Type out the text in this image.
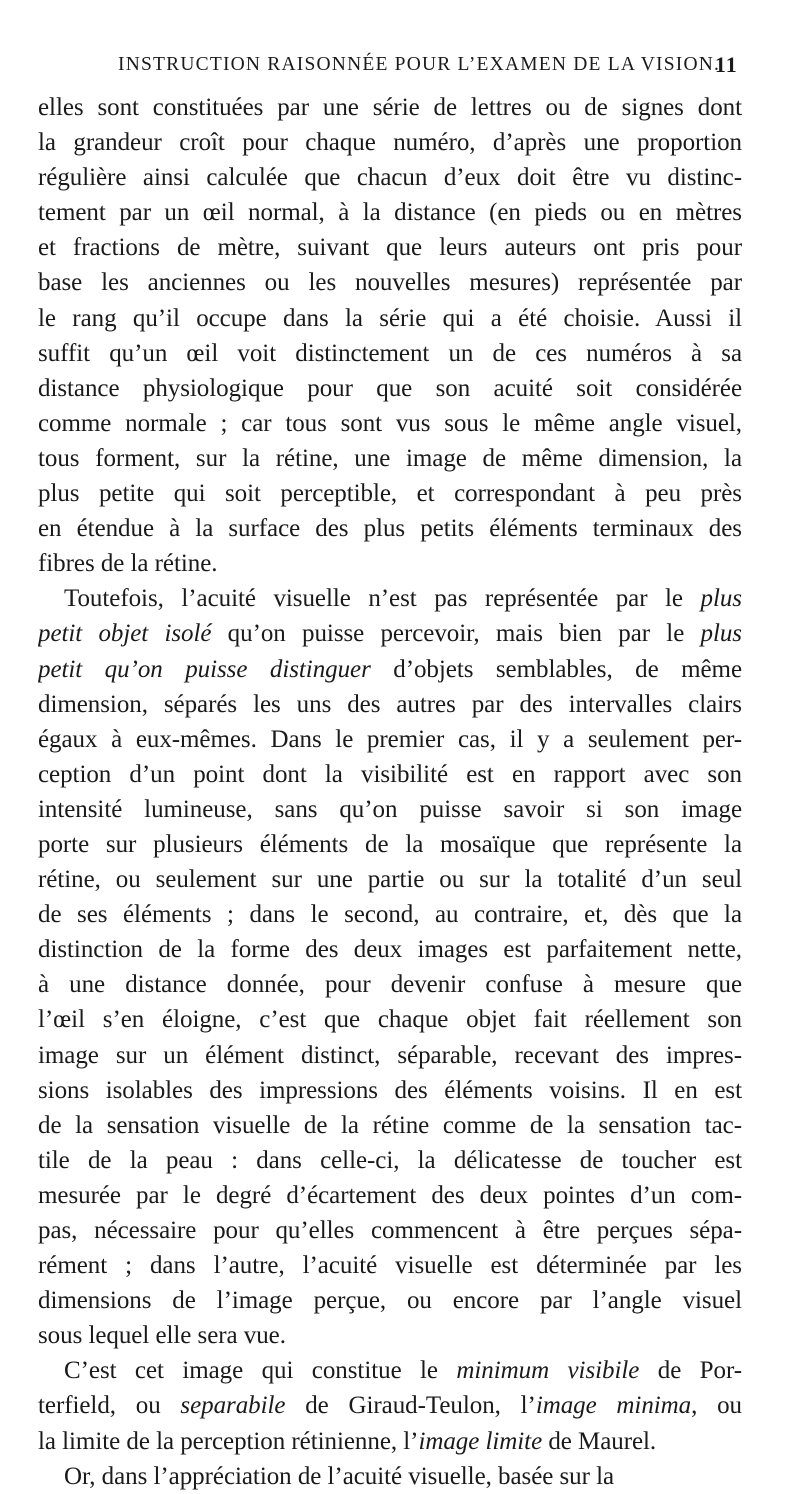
INSTRUCTION RAISONNÉE POUR L’EXAMEN DE LA VISION.
11
elles sont constituées par une série de lettres ou de signes dont
la grandeur croît pour chaque numéro, d’après une proportion
régulière ainsi calculée que chacun d’eux doit être vu distinc-
tement par un œil normal, à la distance (en pieds ou en mètres
et fractions de mètre, suivant que leurs auteurs ont pris pour
base les anciennes ou les nouvelles mesures) représentée par
le rang qu’il occupe dans la série qui a été choisie. Aussi il
suffit qu’un œil voit distinctement un de ces numéros à sa
distance physiologique pour que son acuité soit considérée
comme normale ; car tous sont vus sous le même angle visuel,
tous forment, sur la rétine, une image de même dimension, la
plus petite qui soit perceptible, et correspondant à peu près
en étendue à la surface des plus petits éléments terminaux des
fibres de la rétine.
Toutefois, l’acuité visuelle n’est pas représentée par le plus
petit objet isolé qu’on puisse percevoir, mais bien par le plus
petit qu’on puisse distinguer d’objets semblables, de même
dimension, séparés les uns des autres par des intervalles clairs
égaux à eux-mêmes. Dans le premier cas, il y a seulement per-
ception d’un point dont la visibilité est en rapport avec son
intensité lumineuse, sans qu’on puisse savoir si son image
porte sur plusieurs éléments de la mosaïque que représente la
rétine, ou seulement sur une partie ou sur la totalité d’un seul
de ses éléments ; dans le second, au contraire, et, dès que la
distinction de la forme des deux images est parfaitement nette,
à une distance donnée, pour devenir confuse à mesure que
l’œil s’en éloigne, c’est que chaque objet fait réellement son
image sur un élément distinct, séparable, recevant des impres-
sions isolables des impressions des éléments voisins. Il en est
de la sensation visuelle de la rétine comme de la sensation tac-
tile de la peau : dans celle-ci, la délicatesse de toucher est
mesurée par le degré d’écartement des deux pointes d’un com-
pas, nécessaire pour qu’elles commencent à être perçues sépa-
rément ; dans l’autre, l’acuité visuelle est déterminée par les
dimensions de l’image perçue, ou encore par l’angle visuel
sous lequel elle sera vue.
C’est cet image qui constitue le minimum visibile de Por-
terfield, ou separabile de Giraud-Teulon, l’image minima, ou
la limite de la perception rétinienne, l’image limite de Maurel.
Or, dans l’appréciation de l’acuité visuelle, basée sur la
